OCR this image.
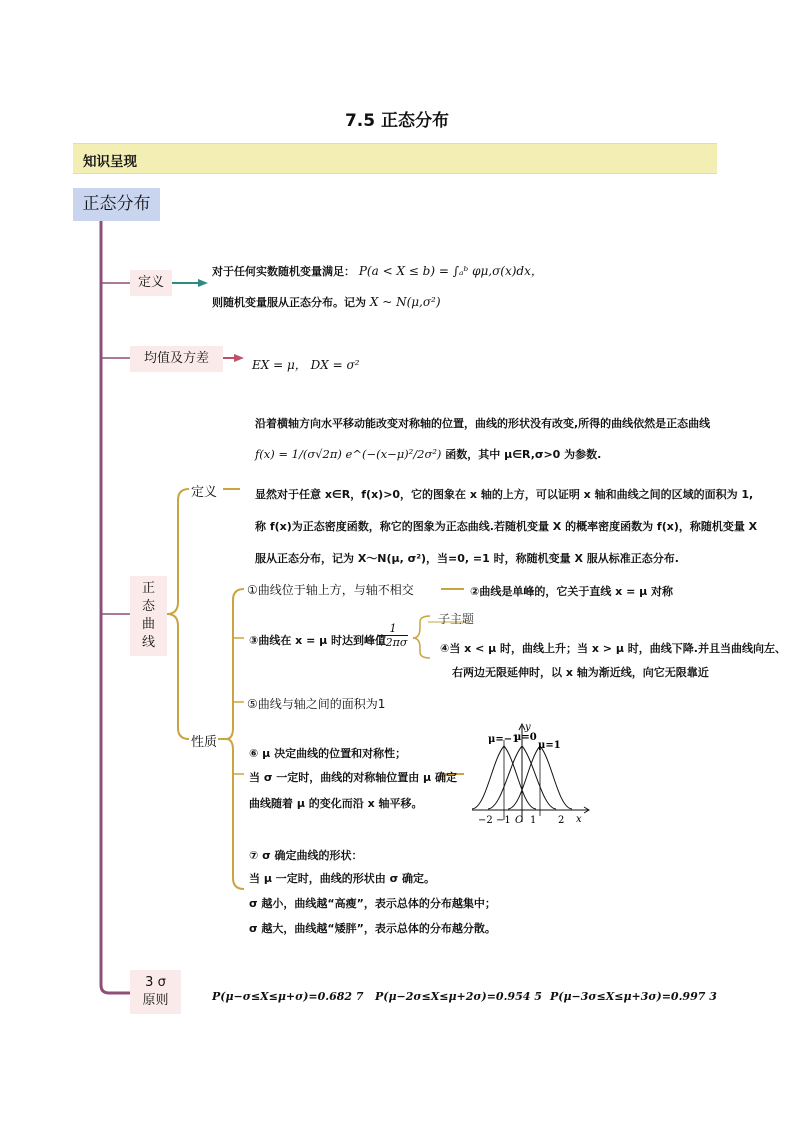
7.5 正态分布
知识呈现
正态分布
定义
对于任何实数随机变量满足： P(a < X ≤ b) = ∫ₐᵇ φμ,σ(x)dx，
则随机变量服从正态分布。记为 X ~ N(μ,σ²)
均值及方差	EX = μ， DX = σ²
正态曲线
定义
性质
沿着横轴方向水平移动能改变对称轴的位置，曲线的形状没有改变,所得的曲线依然是正态曲线
f(x) = 1/(σ√2π) e^(−(x−μ)²/2σ²) 函数，其中 μ∈R,σ>0 为参数.
显然对于任意 x∈R，f(x)>0，它的图象在 x 轴的上方，可以证明 x 轴和曲线之间的区域的面积为 1,
称 f(x)为正态密度函数，称它的图象为正态曲线.若随机变量 X 的概率密度函数为 f(x)，称随机变量 X
服从正态分布，记为 X～N(μ, σ²)，当=0, =1 时，称随机变量 X 服从标准正态分布.
①曲线位于轴上方，与轴不相交	②曲线是单峰的，它关于直线 x = μ 对称
③曲线在 x = μ 时达到峰值
1
√2πσ
子主题
④当 x < μ 时，曲线上升；当 x > μ 时，曲线下降.并且当曲线向左、
右两边无限延伸时，以 x 轴为渐近线，向它无限靠近
⑤曲线与轴之间的面积为1
⑥ μ 决定曲线的位置和对称性；
当 σ 一定时，曲线的对称轴位置由 μ 确定
曲线随着 μ 的变化而沿 x 轴平移。
⑦ σ 确定曲线的形状：
当 μ 一定时，曲线的形状由 σ 确定。
σ 越小，曲线越“高瘦”，表示总体的分布越集中；
σ 越大，曲线越“矮胖”，表示总体的分布越分散。
μ=−1
μ=0
μ=1
y
x
−2 −1 O 1 2
3 σ
原则	P(μ−σ≤X≤μ+σ)=0.682 7 P(μ−2σ≤X≤μ+2σ)=0.954 5 P(μ−3σ≤X≤μ+3σ)=0.997 3
